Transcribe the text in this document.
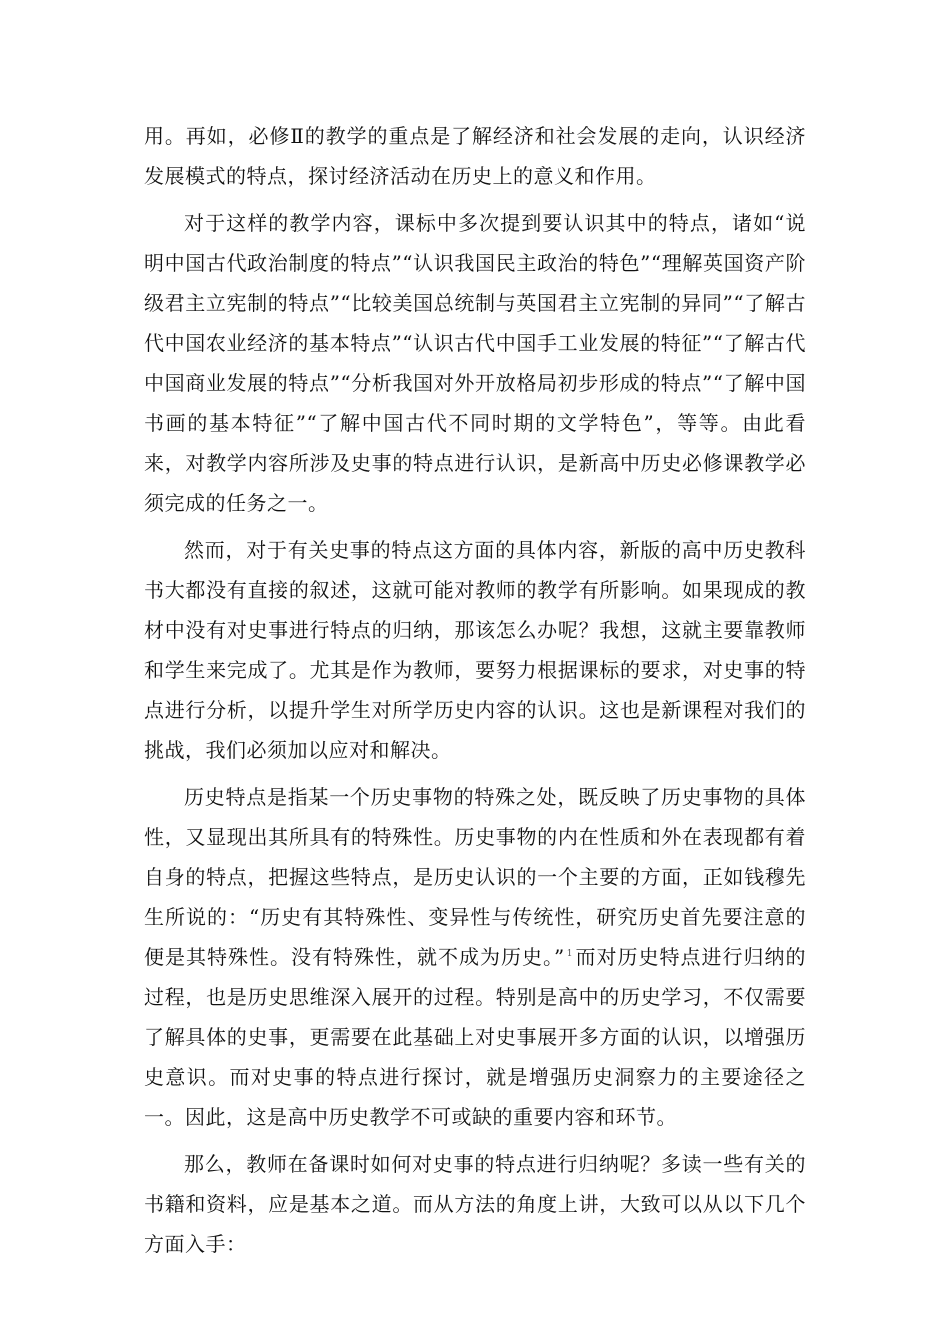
用。再如，必修Ⅱ的教学的重点是了解经济和社会发展的走向，认识经济发展模式的特点，探讨经济活动在历史上的意义和作用。

对于这样的教学内容，课标中多次提到要认识其中的特点，诸如“说明中国古代政治制度的特点”“认识我国民主政治的特色”“理解英国资产阶级君主立宪制的特点”“比较美国总统制与英国君主立宪制的异同”“了解古代中国农业经济的基本特点”“认识古代中国手工业发展的特征”“了解古代中国商业发展的特点”“分析我国对外开放格局初步形成的特点”“了解中国书画的基本特征”“了解中国古代不同时期的文学特色”，等等。由此看来，对教学内容所涉及史事的特点进行认识，是新高中历史必修课教学必须完成的任务之一。

然而，对于有关史事的特点这方面的具体内容，新版的高中历史教科书大都没有直接的叙述，这就可能对教师的教学有所影响。如果现成的教材中没有对史事进行特点的归纳，那该怎么办呢？我想，这就主要靠教师和学生来完成了。尤其是作为教师，要努力根据课标的要求，对史事的特点进行分析，以提升学生对所学历史内容的认识。这也是新课程对我们的挑战，我们必须加以应对和解决。

历史特点是指某一个历史事物的特殊之处，既反映了历史事物的具体性，又显现出其所具有的特殊性。历史事物的内在性质和外在表现都有着自身的特点，把握这些特点，是历史认识的一个主要的方面，正如钱穆先生所说的：“历史有其特殊性、变异性与传统性，研究历史首先要注意的便是其特殊性。没有特殊性，就不成为历史。” $^1$ 而对历史特点进行归纳的过程，也是历史思维深入展开的过程。特别是高中的历史学习，不仅需要了解具体的史事，更需要在此基础上对史事展开多方面的认识，以增强历史意识。而对史事的特点进行探讨，就是增强历史洞察力的主要途径之一。因此，这是高中历史教学不可或缺的重要内容和环节。

那么，教师在备课时如何对史事的特点进行归纳呢？多读一些有关的书籍和资料，应是基本之道。而从方法的角度上讲，大致可以从以下几个方面入手：
